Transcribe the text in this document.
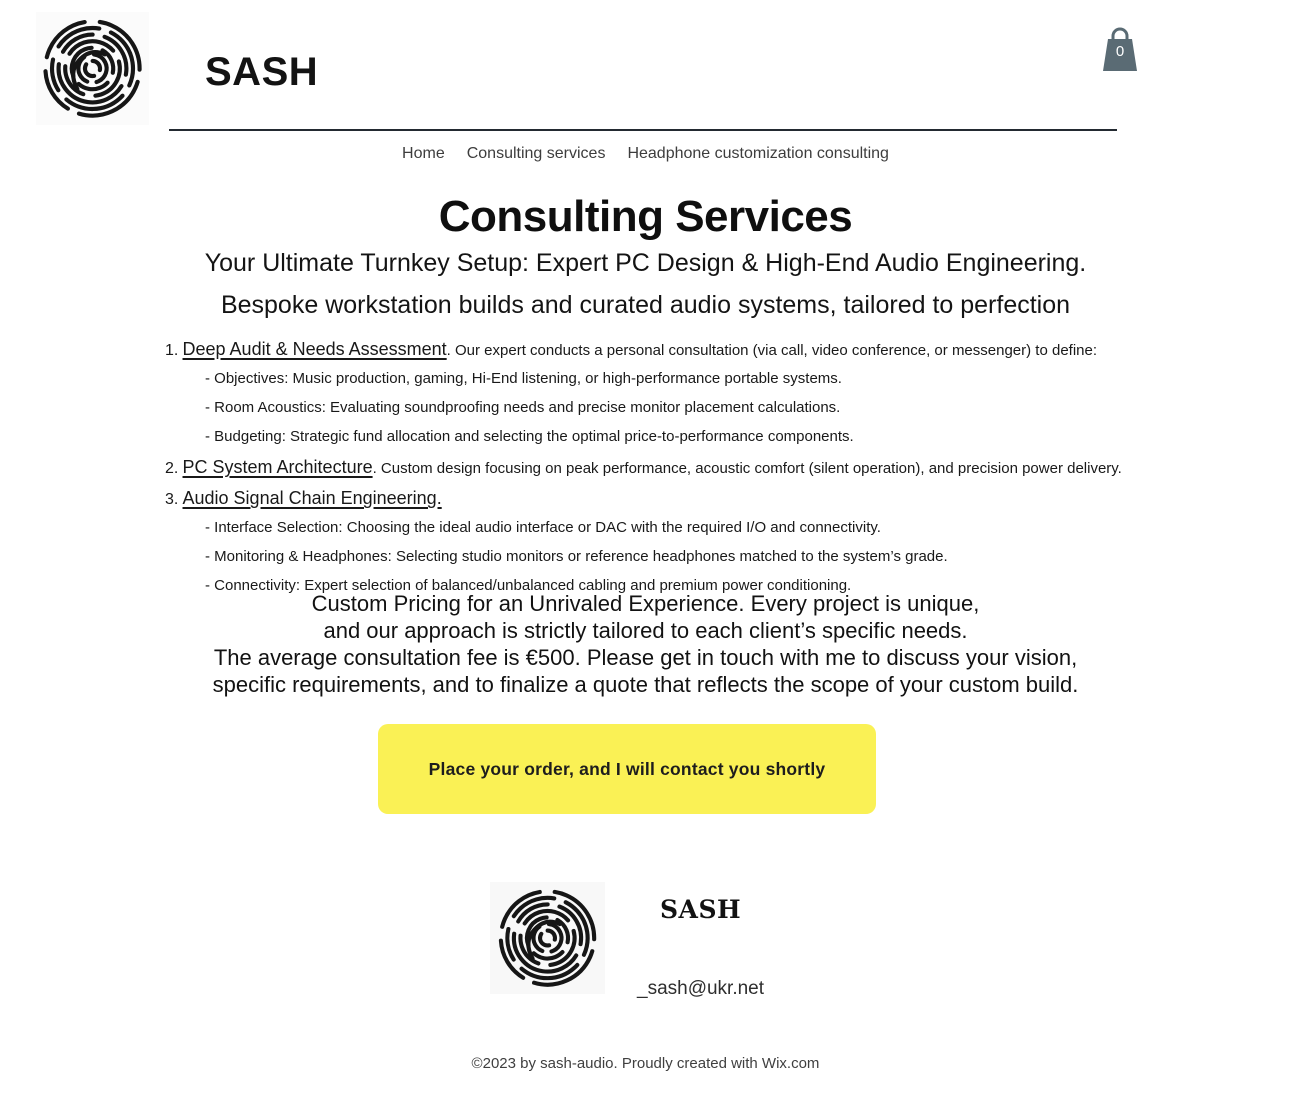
SASH	0
Home Consulting services Headphone customization consulting
Consulting Services
Your Ultimate Turnkey Setup: Expert PC Design & High-End Audio Engineering.
Bespoke workstation builds and curated audio systems, tailored to perfection
1. Deep Audit & Needs Assessment. Our expert conducts a personal consultation (via call, video conference, or messenger) to define:
- Objectives: Music production, gaming, Hi-End listening, or high-performance portable systems.
- Room Acoustics: Evaluating soundproofing needs and precise monitor placement calculations.
- Budgeting: Strategic fund allocation and selecting the optimal price-to-performance components.
2. PC System Architecture. Custom design focusing on peak performance, acoustic comfort (silent operation), and precision power delivery.
3. Audio Signal Chain Engineering.
- Interface Selection: Choosing the ideal audio interface or DAC with the required I/O and connectivity.
- Monitoring & Headphones: Selecting studio monitors or reference headphones matched to the system’s grade.
- Connectivity: Expert selection of balanced/unbalanced cabling and premium power conditioning.
Custom Pricing for an Unrivaled Experience. Every project is unique,
and our approach is strictly tailored to each client’s specific needs.
The average consultation fee is €500. Please get in touch with me to discuss your vision,
specific requirements, and to finalize a quote that reflects the scope of your custom build.
Place your order, and I will contact you shortly
SASH
_sash@ukr.net
©2023 by sash-audio. Proudly created with Wix.com
